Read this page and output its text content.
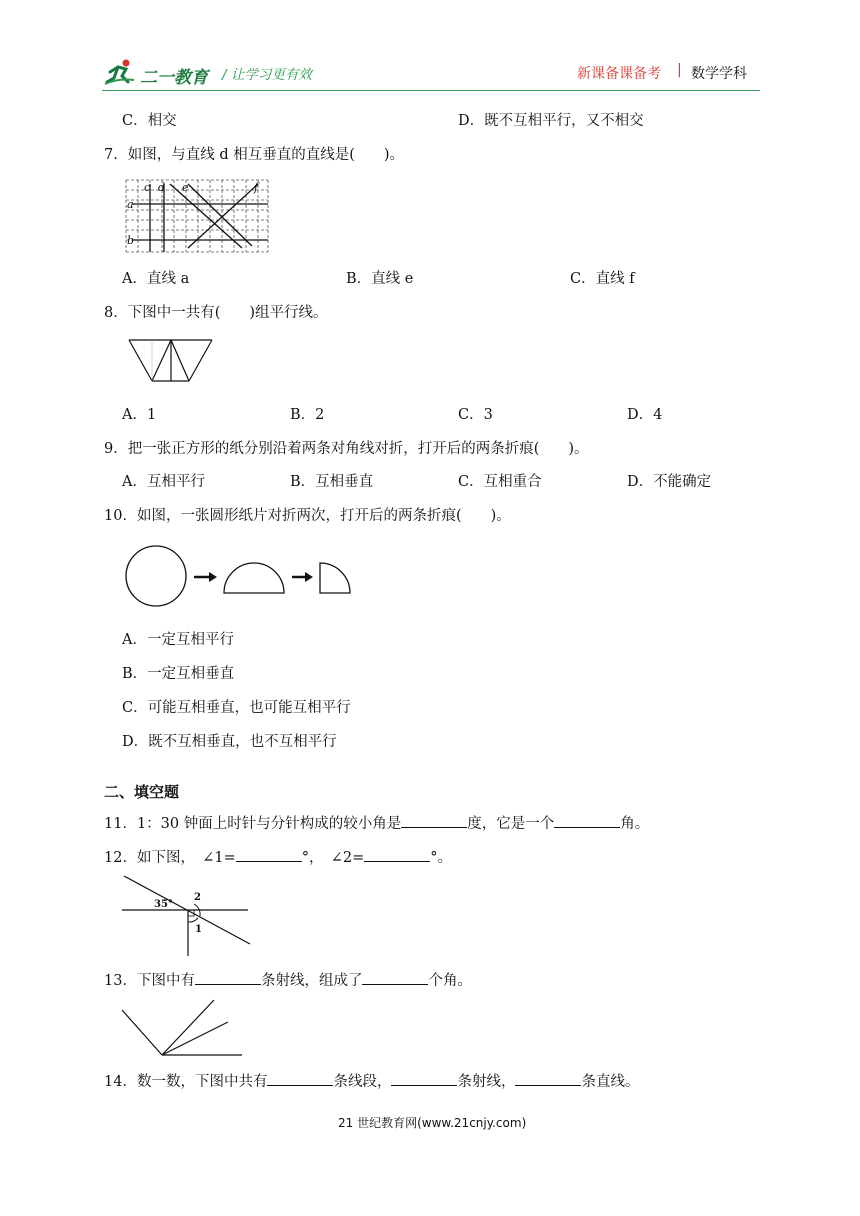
二一教育 / 让学习更有效	新课备课备考 | 数学学科
C．相交	D．既不互相平行，又不相交
7．如图，与直线 d 相互垂直的直线是(　　)。
c d e	f
a
b
A．直线 a	B．直线 e	C．直线 f
8．下图中一共有(　　)组平行线。
A．1	B．2	C．3	D．4
9．把一张正方形的纸分别沿着两条对角线对折，打开后的两条折痕(　　)。
A．互相平行	B．互相垂直	C．互相重合	D．不能确定
10．如图，一张圆形纸片对折两次，打开后的两条折痕(　　)。
A．一定互相平行
B．一定互相垂直
C．可能互相垂直，也可能互相平行
D．既不互相垂直，也不互相平行
二、填空题
11．1：30 钟面上时针与分针构成的较小角是	度，它是一个	角。
12．如下图，　∠1=	°，　∠2=	°。
35°
2
1
13．下图中有	条射线，组成了	个角。
14．数一数，下图中共有	条线段，	条射线，	条直线。
21 世纪教育网(www.21cnjy.com)
